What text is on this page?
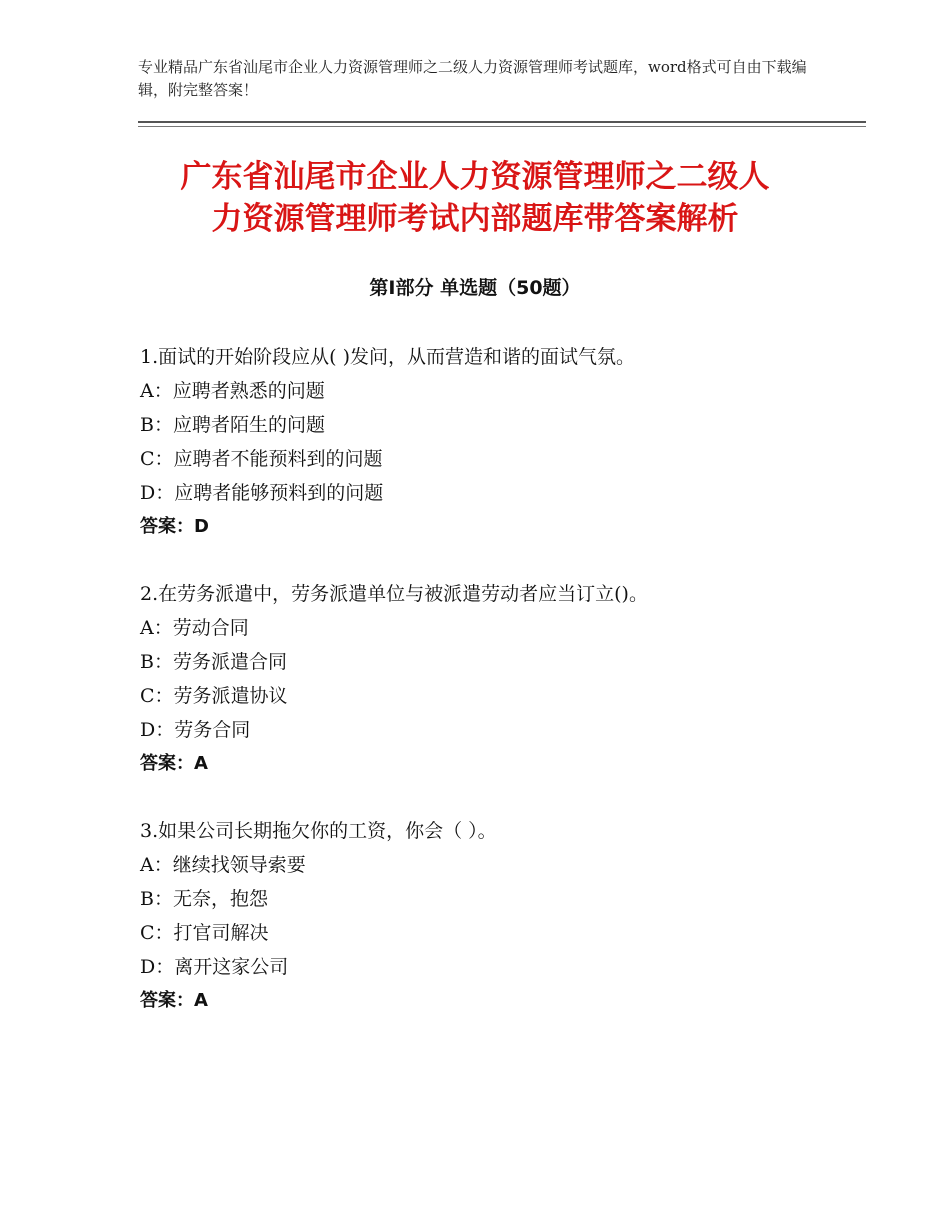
专业精品广东省汕尾市企业人力资源管理师之二级人力资源管理师考试题库，word格式可自由下载编辑，附完整答案！
广东省汕尾市企业人力资源管理师之二级人
力资源管理师考试内部题库带答案解析
第Ⅰ部分 单选题（50题）
1.面试的开始阶段应从( )发问，从而营造和谐的面试气氛。
A：应聘者熟悉的问题
B：应聘者陌生的问题
C：应聘者不能预料到的问题
D：应聘者能够预料到的问题
答案：D
2.在劳务派遣中，劳务派遣单位与被派遣劳动者应当订立()。
A：劳动合同
B：劳务派遣合同
C：劳务派遣协议
D：劳务合同
答案：A
3.如果公司长期拖欠你的工资，你会（ ）。
A：继续找领导索要
B：无奈，抱怨
C：打官司解决
D：离开这家公司
答案：A
